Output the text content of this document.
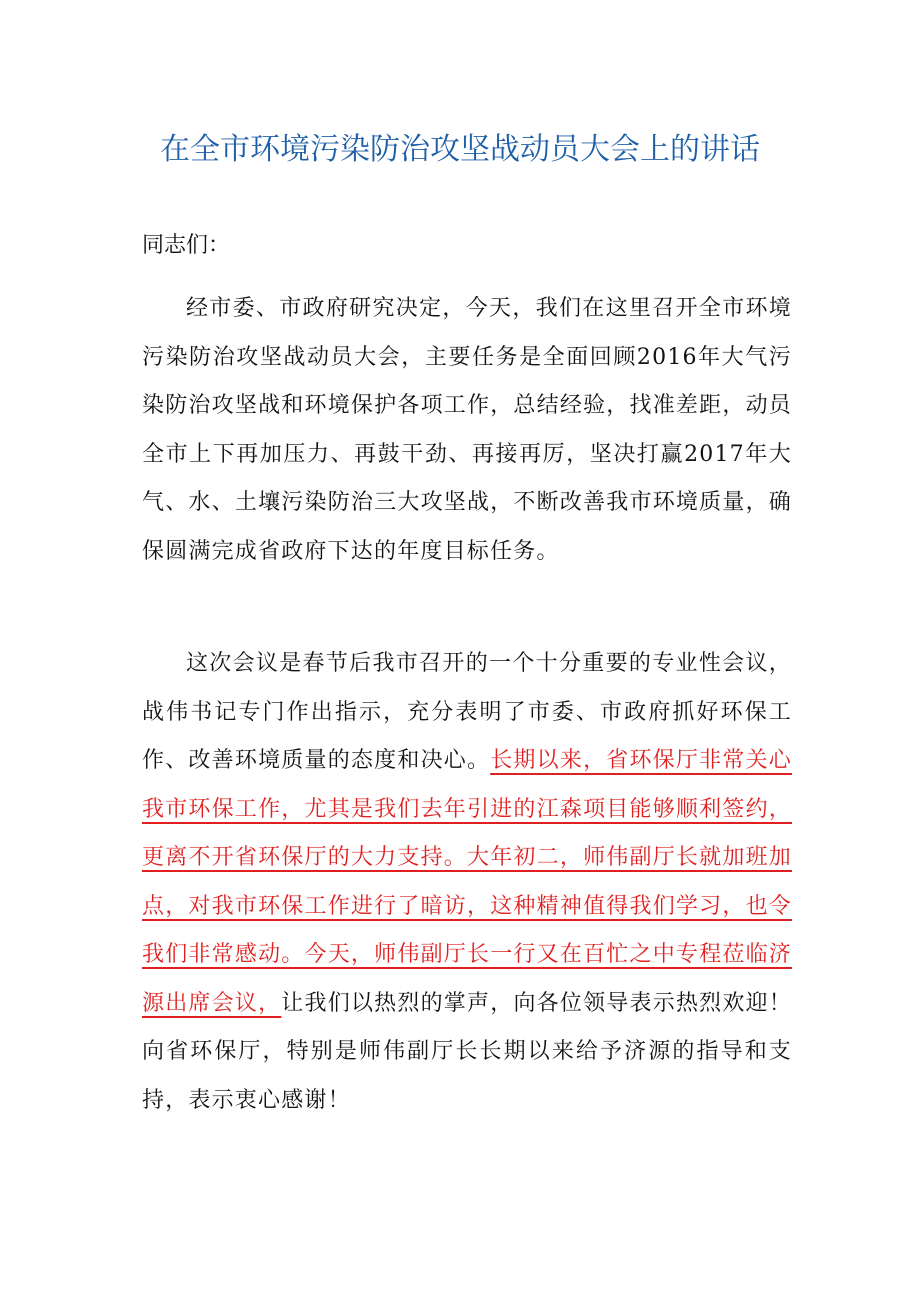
在全市环境污染防治攻坚战动员大会上的讲话

同志们：

经市委、市政府研究决定，今天，我们在这里召开全市环境污染防治攻坚战动员大会，主要任务是全面回顾2016年大气污染防治攻坚战和环境保护各项工作，总结经验，找准差距，动员全市上下再加压力、再鼓干劲、再接再厉，坚决打赢2017年大气、水、土壤污染防治三大攻坚战，不断改善我市环境质量，确保圆满完成省政府下达的年度目标任务。

这次会议是春节后我市召开的一个十分重要的专业性会议，战伟书记专门作出指示，充分表明了市委、市政府抓好环保工作、改善环境质量的态度和决心。长期以来，省环保厅非常关心我市环保工作，尤其是我们去年引进的江森项目能够顺利签约，更离不开省环保厅的大力支持。大年初二，师伟副厅长就加班加点，对我市环保工作进行了暗访，这种精神值得我们学习，也令我们非常感动。今天，师伟副厅长一行又在百忙之中专程莅临济源出席会议，让我们以热烈的掌声，向各位领导表示热烈欢迎！向省环保厅，特别是师伟副厅长长期以来给予济源的指导和支持，表示衷心感谢！
